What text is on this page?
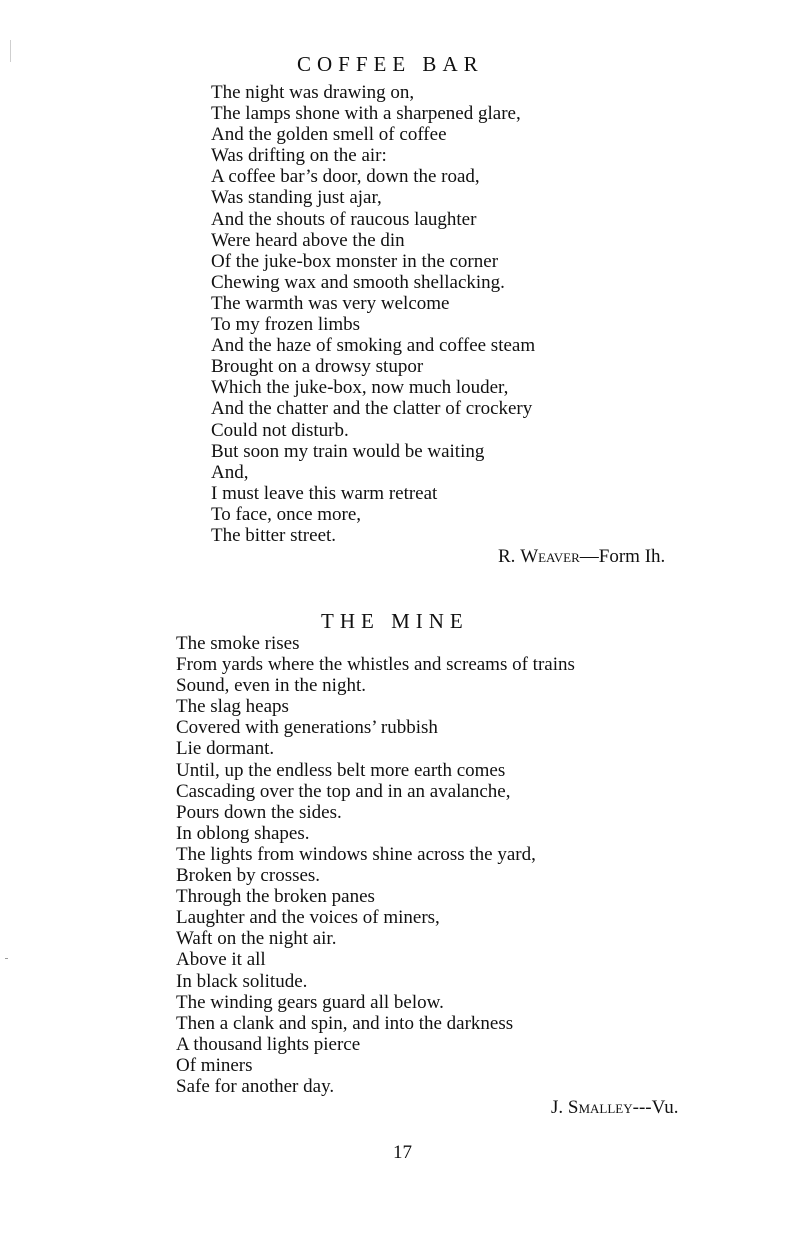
COFFEE BAR
The night was drawing on,
The lamps shone with a sharpened glare,
And the golden smell of coffee
Was drifting on the air:
A coffee bar’s door, down the road,
Was standing just ajar,
And the shouts of raucous laughter
Were heard above the din
Of the juke-box monster in the corner
Chewing wax and smooth shellacking.
The warmth was very welcome
To my frozen limbs
And the haze of smoking and coffee steam
Brought on a drowsy stupor
Which the juke-box, now much louder,
And the chatter and the clatter of crockery
Could not disturb.
But soon my train would be waiting
And,
I must leave this warm retreat
To face, once more,
The bitter street.
R. Weaver—Form Ih.
THE MINE
The smoke rises
From yards where the whistles and screams of trains
Sound, even in the night.
The slag heaps
Covered with generations’ rubbish
Lie dormant.
Until, up the endless belt more earth comes
Cascading over the top and in an avalanche,
Pours down the sides.
In oblong shapes.
The lights from windows shine across the yard,
Broken by crosses.
Through the broken panes
Laughter and the voices of miners,
Waft on the night air.
Above it all
In black solitude.
The winding gears guard all below.
Then a clank and spin, and into the darkness
A thousand lights pierce
Of miners
Safe for another day.
J. Smalley---Vu.
17
